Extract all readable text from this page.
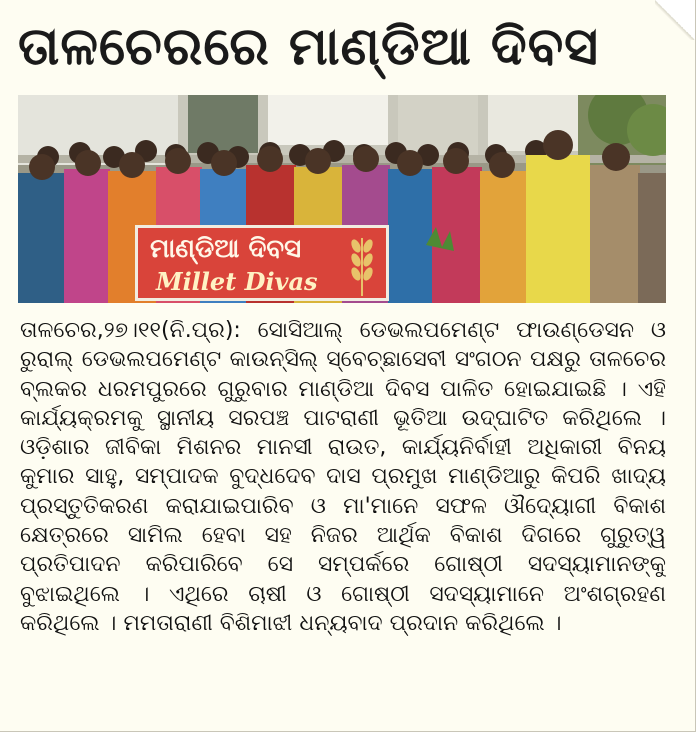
ତାଳଚେରରେ ମାଣ୍ଡିଆ ଦିବସ
ମାଣ୍ଡିଆ ଦିବସ
Millet Divas
ତାଳଚେର,୨୭।୧୧(ନି.ପ୍ର): ସୋସିଆଲ୍ ଡେଭଲପମେଣ୍ଟ ଫାଉଣ୍ଡେସନ ଓ
ରୁରାଲ୍ ଡେଭଲପମେଣ୍ଟ କାଉନ୍ସିଲ୍ ସ୍ବେଚ୍ଛାସେବୀ ସଂଗଠନ ପକ୍ଷରୁ ତାଳଚେର
ବ୍ଲକର ଧରମପୁରରେ ଗୁରୁବାର ମାଣ୍ଡିଆ ଦିବସ ପାଳିତ ହୋଇଯାଇଛି । ଏହି
କାର୍ଯ୍ୟକ୍ରମକୁ ସ୍ଥାନୀୟ ସରପଞ୍ଚ ପାଟରାଣୀ ଭୂତିଆ ଉଦ୍‌ଘାଟିତ କରିଥିଲେ ।
ଓଡ଼ିଶାର ଜୀବିକା ମିଶନର ମାନସୀ ରାଉତ, କାର୍ଯ୍ୟନିର୍ବାହୀ ଅଧିକାରୀ ବିନୟ
କୁମାର ସାହୁ, ସମ୍ପାଦକ ବୁଦ୍ଧଦେବ ଦାସ ପ୍ରମୁଖ ମାଣ୍ଡିଆରୁ କିପରି ଖାଦ୍ୟ
ପ୍ରସ୍ତୁତିକରଣ କରାଯାଇପାରିବ ଓ ମା'ମାନେ ସଫଳ ଔଦ୍ୟୋଗୀ ବିକାଶ
କ୍ଷେତ୍ରରେ ସାମିଲ ହେବା ସହ ନିଜର ଆର୍ଥିକ ବିକାଶ ଦିଗରେ ଗୁରୁତ୍ୱ
ପ୍ରତିପାଦନ କରିପାରିବେ ସେ ସମ୍ପର୍କରେ ଗୋଷ୍ଠୀ ସଦସ୍ୟାମାନଙ୍କୁ
ବୁଝାଇଥିଲେ । ଏଥିରେ ଚାଷୀ ଓ ଗୋଷ୍ଠୀ ସଦସ୍ୟାମାନେ ଅଂଶଗ୍ରହଣ
କରିଥିଲେ । ମମତାରାଣୀ ବିଶିମାଝୀ ଧନ୍ୟବାଦ ପ୍ରଦାନ କରିଥିଲେ ।
